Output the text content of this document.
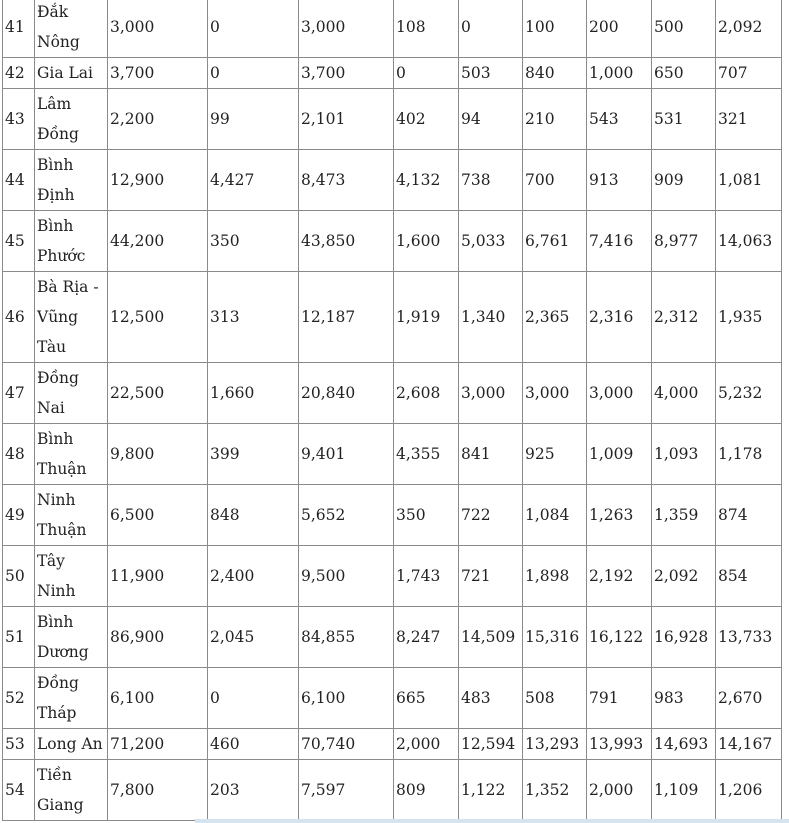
41	Đắk Nông	3,000	0	3,000	108	0	100	200	500	2,092
42	Gia Lai	3,700	0	3,700	0	503	840	1,000	650	707
43	Lâm Đồng	2,200	99	2,101	402	94	210	543	531	321
44	Bình Định	12,900	4,427	8,473	4,132	738	700	913	909	1,081
45	Bình Phước	44,200	350	43,850	1,600	5,033	6,761	7,416	8,977	14,063
46	Bà Rịa - Vũng Tàu	12,500	313	12,187	1,919	1,340	2,365	2,316	2,312	1,935
47	Đồng Nai	22,500	1,660	20,840	2,608	3,000	3,000	3,000	4,000	5,232
48	Bình Thuận	9,800	399	9,401	4,355	841	925	1,009	1,093	1,178
49	Ninh Thuận	6,500	848	5,652	350	722	1,084	1,263	1,359	874
50	Tây Ninh	11,900	2,400	9,500	1,743	721	1,898	2,192	2,092	854
51	Bình Dương	86,900	2,045	84,855	8,247	14,509	15,316	16,122	16,928	13,733
52	Đồng Tháp	6,100	0	6,100	665	483	508	791	983	2,670
53	Long An	71,200	460	70,740	2,000	12,594	13,293	13,993	14,693	14,167
54	Tiền Giang	7,800	203	7,597	809	1,122	1,352	2,000	1,109	1,206
